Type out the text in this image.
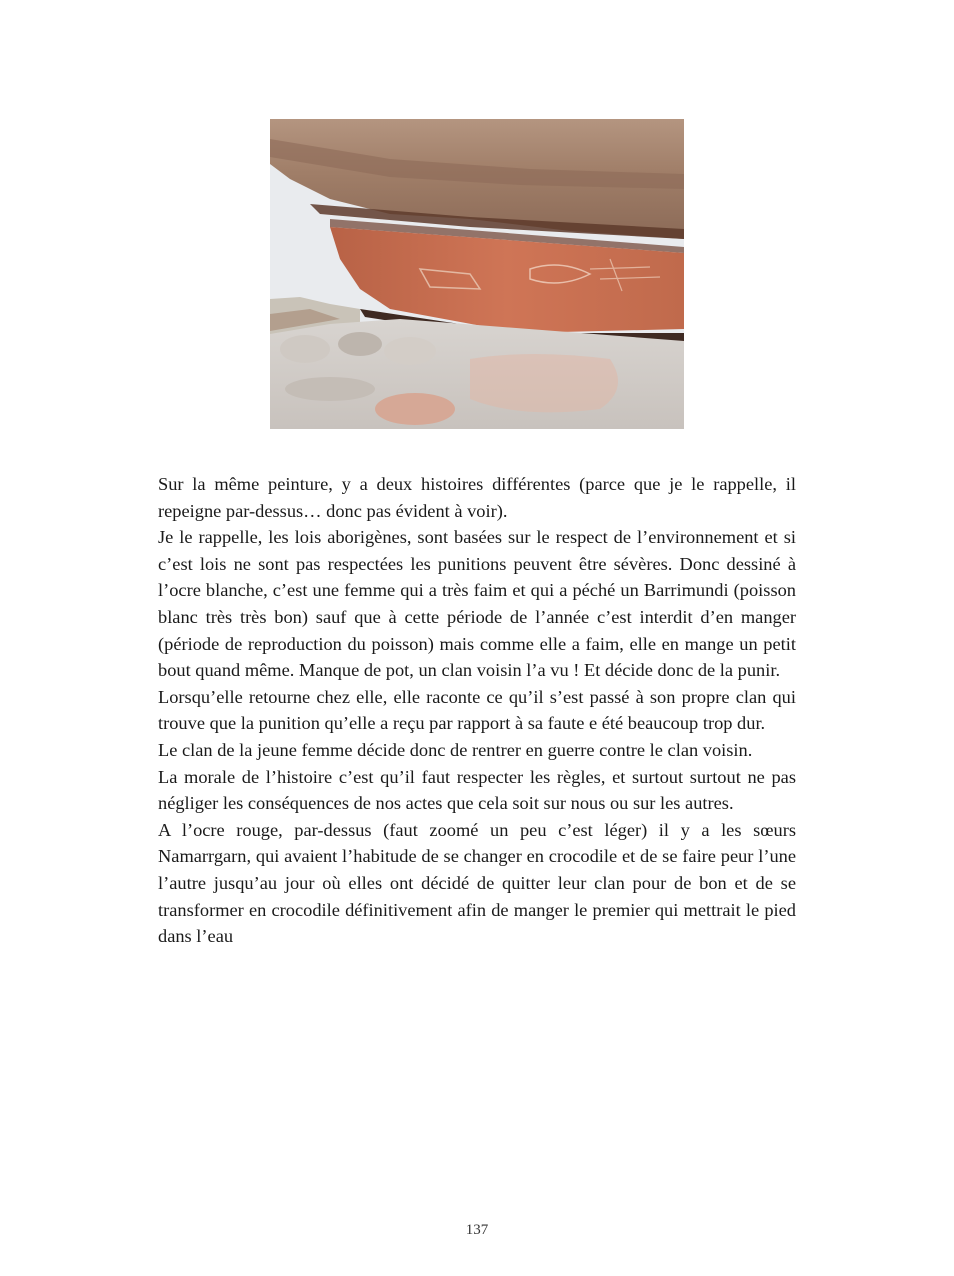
Sur la même peinture, y a deux histoires différentes (parce que je le rappelle, il repeigne par-dessus… donc pas évident à voir).

Je le rappelle, les lois aborigènes, sont basées sur le respect de l’environnement et si c’est lois ne sont pas respectées les punitions peuvent être sévères. Donc dessiné à l’ocre blanche, c’est une femme qui a très faim et qui a péché un Barrimundi (poisson blanc très très bon) sauf que à cette période de l’année c’est interdit d’en manger (période de reproduction du poisson) mais comme elle a faim, elle en mange un petit bout quand même. Manque de pot, un clan voisin l’a vu ! Et décide donc de la punir.

Lorsqu’elle retourne chez elle, elle raconte ce qu’il s’est passé à son propre clan qui trouve que la punition qu’elle a reçu par rapport à sa faute e été beaucoup trop dur.

Le clan de la jeune femme décide donc de rentrer en guerre contre le clan voisin.

La morale de l’histoire c’est qu’il faut respecter les règles, et surtout surtout ne pas négliger les conséquences de nos actes que cela soit sur nous ou sur les autres.

A l’ocre rouge, par-dessus (faut zoomé un peu c’est léger) il y a les sœurs Namarrgarn, qui avaient l’habitude de se changer en crocodile et de se faire peur l’une l’autre jusqu’au jour où elles ont décidé de quitter leur clan pour de bon et de se transformer en crocodile définitivement afin de manger le premier qui mettrait le pied dans l’eau

137
